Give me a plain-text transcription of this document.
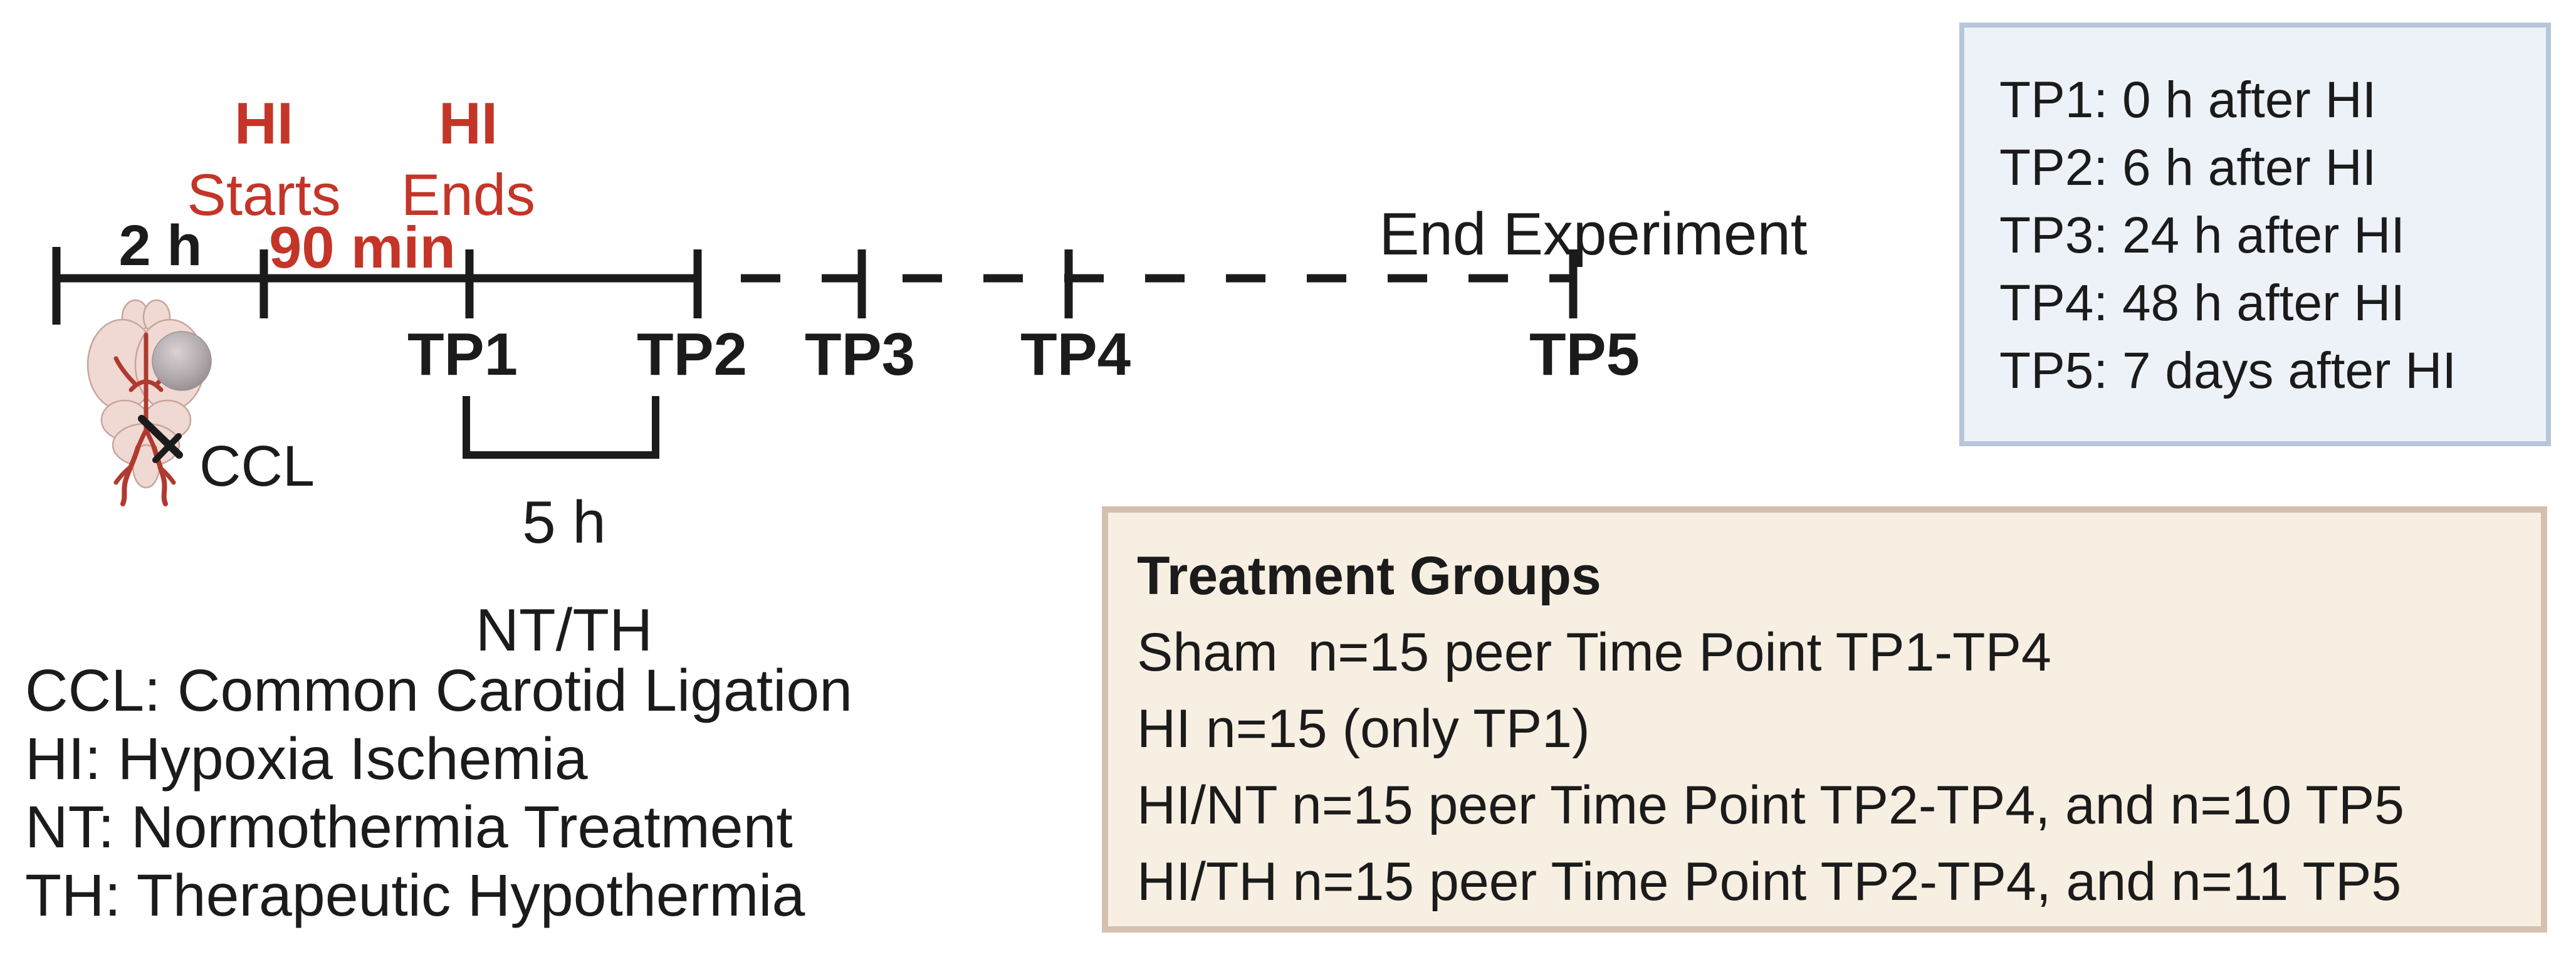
2 h
HI
Starts
HI
Ends
90 min
TP1 TP2 TP3 TP4	TP5
End Experiment
5 h
NT/TH
CCL
TP1: 0 h after HI
TP2: 6 h after HI
TP3: 24 h after HI
TP4: 48 h after HI
TP5: 7 days after HI
Treatment Groups
Sham  n=15 peer Time Point TP1-TP4
HI n=15 (only TP1)
HI/NT n=15 peer Time Point TP2-TP4, and n=10 TP5
HI/TH n=15 peer Time Point TP2-TP4, and n=11 TP5
CCL: Common Carotid Ligation
HI: Hypoxia Ischemia
NT: Normothermia Treatment
TH: Therapeutic Hypothermia
